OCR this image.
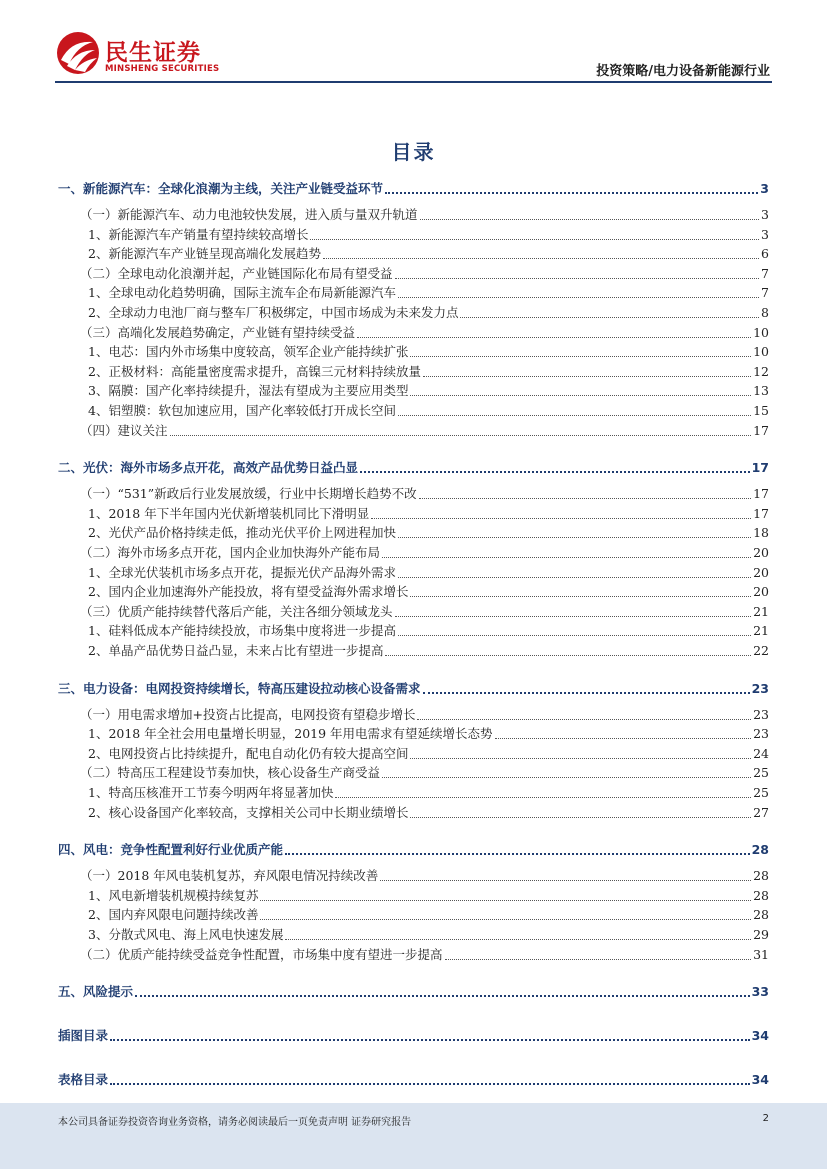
民生证券
MINSHENG SECURITIES	投资策略/电力设备新能源行业
目录
一、新能源汽车：全球化浪潮为主线，关注产业链受益环节	3
（一）新能源汽车、动力电池较快发展，进入质与量双升轨道	3
1、新能源汽车产销量有望持续较高增长	3
2、新能源汽车产业链呈现高端化发展趋势	6
（二）全球电动化浪潮并起，产业链国际化布局有望受益	7
1、全球电动化趋势明确，国际主流车企布局新能源汽车	7
2、全球动力电池厂商与整车厂积极绑定，中国市场成为未来发力点	8
（三）高端化发展趋势确定，产业链有望持续受益	10
1、电芯：国内外市场集中度较高，领军企业产能持续扩张	10
2、正极材料：高能量密度需求提升，高镍三元材料持续放量	12
3、隔膜：国产化率持续提升，湿法有望成为主要应用类型	13
4、铝塑膜：软包加速应用，国产化率较低打开成长空间	15
（四）建议关注	17
二、光伏：海外市场多点开花，高效产品优势日益凸显	17
（一）“531”新政后行业发展放缓，行业中长期增长趋势不改	17
1、2018 年下半年国内光伏新增装机同比下滑明显	17
2、光伏产品价格持续走低，推动光伏平价上网进程加快	18
（二）海外市场多点开花，国内企业加快海外产能布局	20
1、全球光伏装机市场多点开花，提振光伏产品海外需求	20
2、国内企业加速海外产能投放，将有望受益海外需求增长	20
（三）优质产能持续替代落后产能，关注各细分领域龙头	21
1、硅料低成本产能持续投放，市场集中度将进一步提高	21
2、单晶产品优势日益凸显，未来占比有望进一步提高	22
三、电力设备：电网投资持续增长，特高压建设拉动核心设备需求	23
（一）用电需求增加+投资占比提高，电网投资有望稳步增长	23
1、2018 年全社会用电量增长明显，2019 年用电需求有望延续增长态势	23
2、电网投资占比持续提升，配电自动化仍有较大提高空间	24
（二）特高压工程建设节奏加快，核心设备生产商受益	25
1、特高压核准开工节奏今明两年将显著加快	25
2、核心设备国产化率较高，支撑相关公司中长期业绩增长	27
四、风电：竞争性配置利好行业优质产能	28
（一）2018 年风电装机复苏，弃风限电情况持续改善	28
1、风电新增装机规模持续复苏	28
2、国内弃风限电问题持续改善	28
3、分散式风电、海上风电快速发展	29
（二）优质产能持续受益竞争性配置，市场集中度有望进一步提高	31
五、风险提示	33
插图目录	34
表格目录	34
本公司具备证券投资咨询业务资格，请务必阅读最后一页免责声明 证券研究报告	2
